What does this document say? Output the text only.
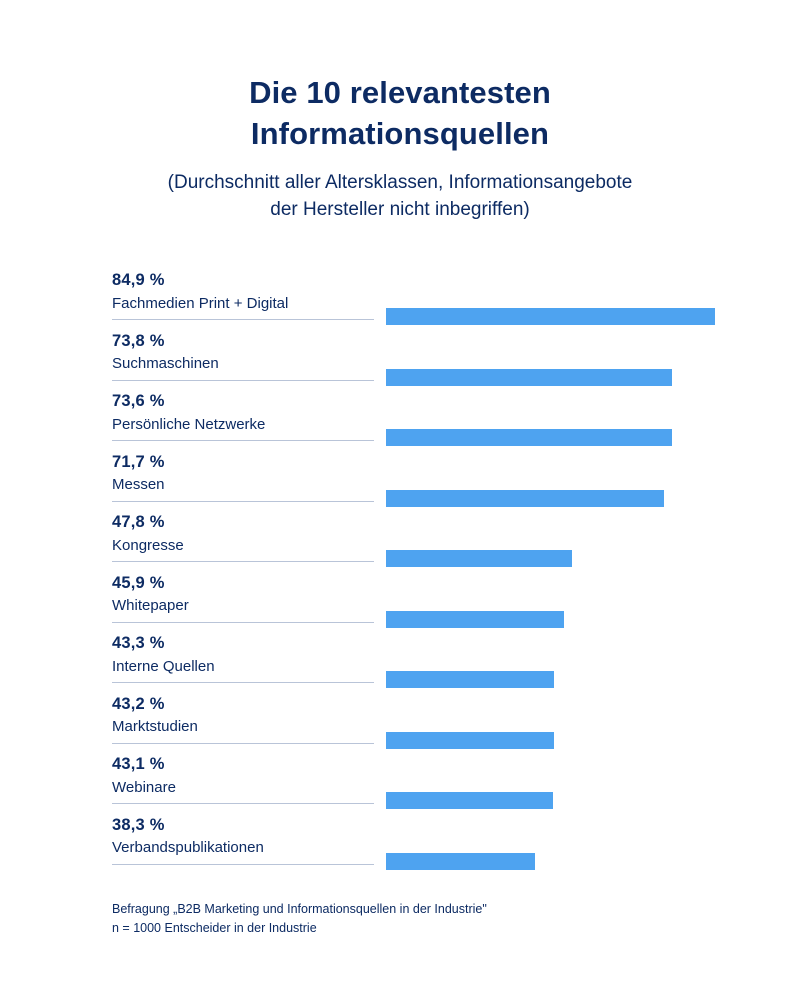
Die 10 relevantesten
Informationsquellen

(Durchschnitt aller Altersklassen, Informationsangebote
der Hersteller nicht inbegriffen)

84,9 %
Fachmedien Print + Digital
73,8 %
Suchmaschinen
73,6 %
Persönliche Netzwerke
71,7 %
Messen
47,8 %
Kongresse
45,9 %
Whitepaper
43,3 %
Interne Quellen
43,2 %
Marktstudien
43,1 %
Webinare
38,3 %
Verbandspublikationen
Befragung „B2B Marketing und Informationsquellen in der Industrie"
n = 1000 Entscheider in der Industrie
